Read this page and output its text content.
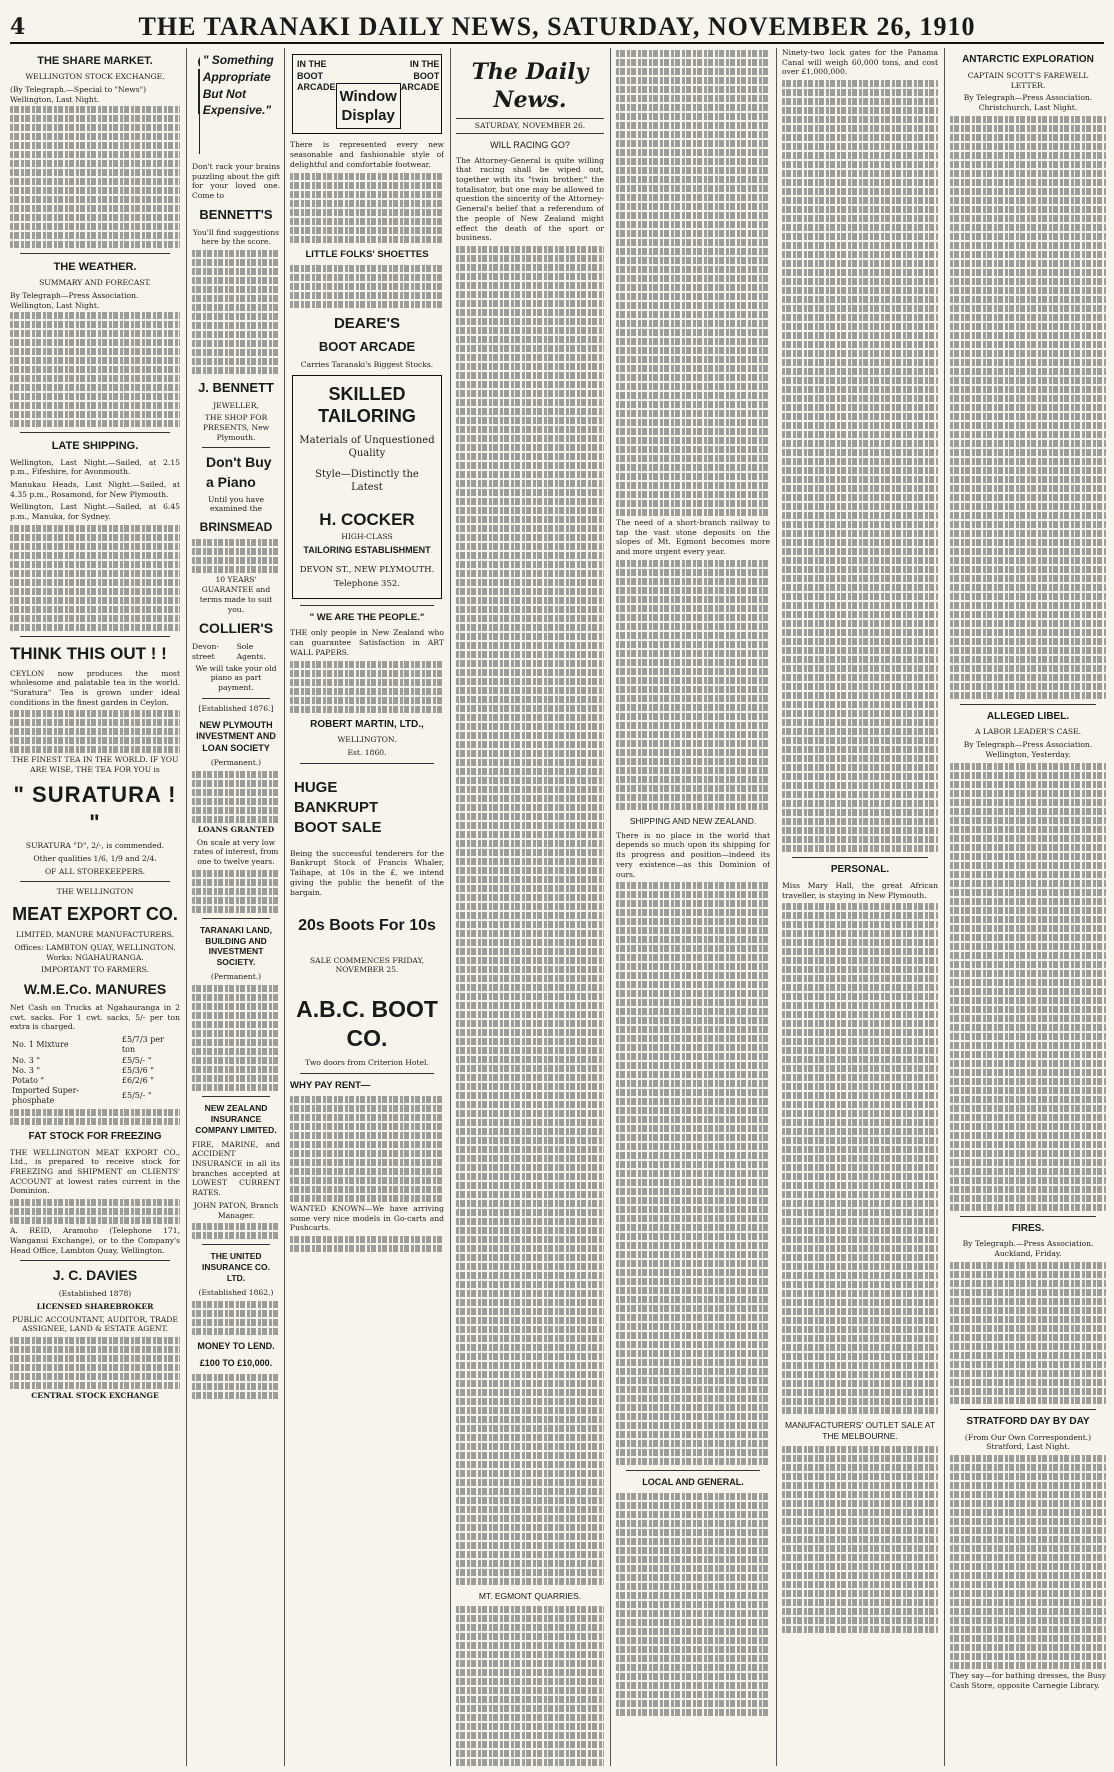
4	THE TARANAKI DAILY NEWS, SATURDAY, NOVEMBER 26, 1910
THE SHARE MARKET.
WELLINGTON STOCK EXCHANGE.
(By Telegraph.—Special to "News") Wellington, Last Night.
THE WEATHER.
SUMMARY AND FORECAST.
By Telegraph—Press Association. Wellington, Last Night.
LATE SHIPPING.
Wellington, Last Night.—Sailed, at 2.15 p.m., Fifeshire, for Avonmouth.
Manukau Heads, Last Night.—Sailed, at 4.35 p.m., Rosamond, for New Plymouth.
Wellington, Last Night.—Sailed, at 6.45 p.m., Manuka, for Sydney.
THINK THIS OUT ! !
CEYLON now produces the most wholesome and palatable tea in the world. "Suratura" Tea is grown under ideal conditions in the finest garden in Ceylon.
THE FINEST TEA IN THE WORLD. IF YOU ARE WISE, THE TEA FOR YOU is
" SURATURA ! "
SURATURA "D", 2/-, is commended.
Other qualities 1/6, 1/9 and 2/4.
OF ALL STOREKEEPERS.
THE WELLINGTON
MEAT EXPORT CO.
LIMITED, MANURE MANUFACTURERS.
Offices: LAMBTON QUAY, WELLINGTON. Works: NGAHAURANGA.
IMPORTANT TO FARMERS.
W.M.E.Co. MANURES
Net Cash on Trucks at Ngahauranga in 2 cwt. sacks. For 1 cwt. sacks, 5/- per ton extra is charged.
No. 1 Mixture	£5/7/3 per ton
No. 3 "	£5/5/- "
No. 3 "	£5/3/6 "
Potato "	£6/2/6 "
Imported Super-phosphate	£5/5/- "
FAT STOCK FOR FREEZING
THE WELLINGTON MEAT EXPORT CO., Ltd., is prepared to receive stock for FREEZING and SHIPMENT on CLIENTS' ACCOUNT at lowest rates current in the Dominion.
A. REID, Aramoho (Telephone 171, Wanganui Exchange), or to the Company's Head Office, Lambton Quay, Wellington.
J. C. DAVIES
(Established 1878)
LICENSED SHAREBROKER
PUBLIC ACCOUNTANT, AUDITOR, TRADE ASSIGNEE, LAND & ESTATE AGENT.
CENTRAL STOCK EXCHANGE
" Something Appropriate But Not Expensive."
Don't rack your brains puzzling about the gift for your loved one. Come to
BENNETT'S
You'll find suggestions here by the score.
J. BENNETT
JEWELLER,
THE SHOP FOR PRESENTS, New Plymouth.
Don't Buy a Piano
Until you have examined the
BRINSMEAD
10 YEARS' GUARANTEE and terms made to suit you.
COLLIER'S
Devon-street
Sole Agents.
We will take your old piano as part payment.
[Established 1876.]
NEW PLYMOUTH INVESTMENT AND LOAN SOCIETY
(Permanent.)
LOANS GRANTED
On scale at very low rates of interest, from one to twelve years.
TARANAKI LAND, BUILDING AND INVESTMENT SOCIETY.
(Permanent.)
NEW ZEALAND INSURANCE COMPANY LIMITED.
FIRE, MARINE, and ACCIDENT INSURANCE in all its branches accepted at LOWEST CURRENT RATES.
JOHN PATON, Branch Manager.
THE UNITED INSURANCE CO. LTD.
(Established 1862.)
MONEY TO LEND.
£100 TO £10,000.
IN THE BOOT ARCADE
Window Display
IN THE BOOT ARCADE
There is represented every new seasonable and fashionable style of delightful and comfortable footwear.
LITTLE FOLKS' SHOETTES
DEARE'S
BOOT ARCADE
Carries Taranaki's Biggest Stocks.
SKILLED TAILORING
Materials of Unquestioned Quality
Style—Distinctly the Latest
H. COCKER
HIGH-CLASS
TAILORING ESTABLISHMENT
DEVON ST., NEW PLYMOUTH.
Telephone 352.
" WE ARE THE PEOPLE."
THE only people in New Zealand who can guarantee Satisfaction in ART WALL PAPERS.
ROBERT MARTIN, LTD.,
WELLINGTON.
Est. 1860.
HUGE BANKRUPT BOOT SALE
Being the successful tenderers for the Bankrupt Stock of Francis Whaler, Taihape, at 10s in the £, we intend giving the public the benefit of the bargain.
20s Boots For 10s
SALE COMMENCES FRIDAY, NOVEMBER 25.
A.B.C. BOOT CO.
Two doors from Criterion Hotel.
WHY PAY RENT—
WANTED KNOWN—We have arriving some very nice models in Go-carts and Pushcarts.
The Daily News.
SATURDAY, NOVEMBER 26.
WILL RACING GO?
The Attorney-General is quite willing that racing shall be wiped out, together with its "twin brother," the totalisator, but one may be allowed to question the sincerity of the Attorney-General's belief that a referendum of the people of New Zealand might effect the death of the sport or business.
MT. EGMONT QUARRIES.
The need of a short-branch railway to tap the vast stone deposits on the slopes of Mt. Egmont becomes more and more urgent every year.
SHIPPING AND NEW ZEALAND.
There is no place in the world that depends so much upon its shipping for its progress and position—indeed its very existence—as this Dominion of ours.
LOCAL AND GENERAL.
Ninety-two lock gates for the Panama Canal will weigh 60,000 tons, and cost over £1,000,000.
PERSONAL.
Miss Mary Hall, the great African traveller, is staying in New Plymouth.
MANUFACTURERS' OUTLET SALE AT THE MELBOURNE.
ANTARCTIC EXPLORATION
CAPTAIN SCOTT'S FAREWELL LETTER.
By Telegraph—Press Association. Christchurch, Last Night.
ALLEGED LIBEL.
A LABOR LEADER'S CASE.
By Telegraph—Press Association. Wellington, Yesterday.
FIRES.
By Telegraph.—Press Association. Auckland, Friday.
STRATFORD DAY BY DAY
(From Our Own Correspondent.) Stratford, Last Night.
They say—for bathing dresses, the Busy Cash Store, opposite Carnegie Library.
